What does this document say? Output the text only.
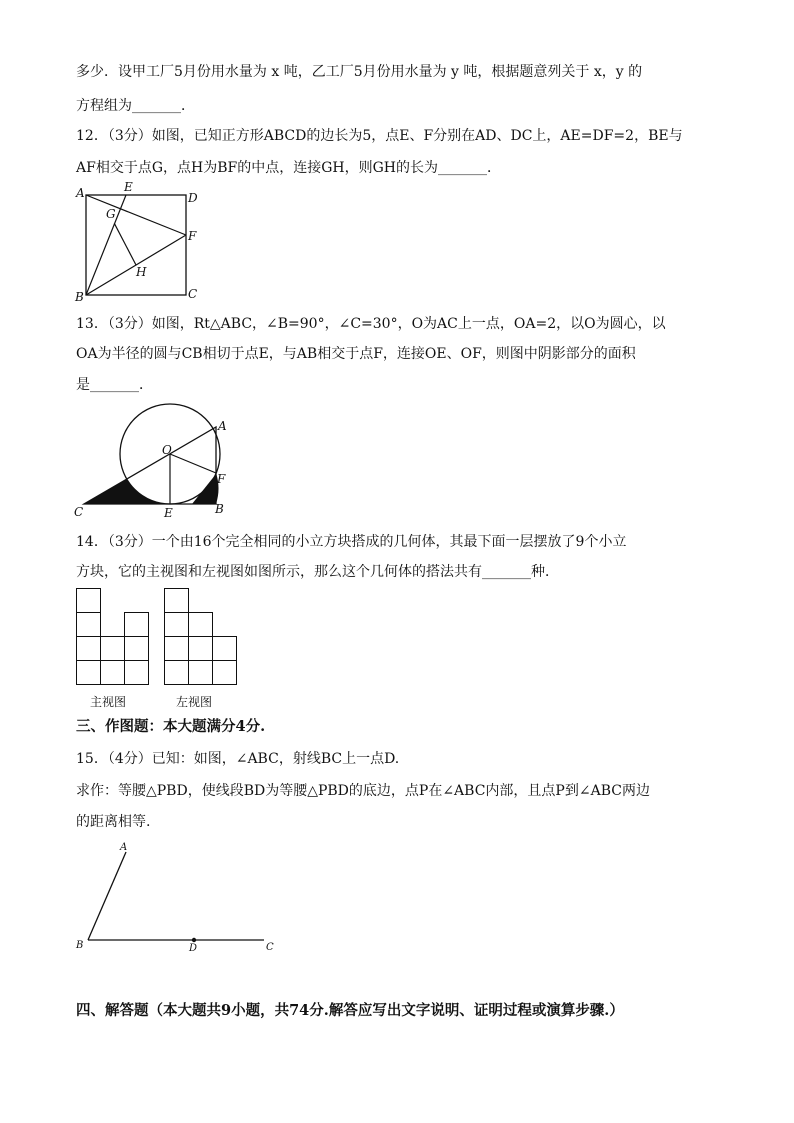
多少．设甲工厂5月份用水量为 x 吨，乙工厂5月份用水量为 y 吨，根据题意列关于 x，y 的
方程组为_______．
12．（3分）如图，已知正方形ABCD的边长为5，点E、F分别在AD、DC上，AE=DF=2，BE与
AF相交于点G，点H为BF的中点，连接GH，则GH的长为_______．
A	E
D
G
F
H
B	C
13．（3分）如图，Rt△ABC，∠B=90°，∠C=30°，O为AC上一点，OA=2，以O为圆心，以
OA为半径的圆与CB相切于点E，与AB相交于点F，连接OE、OF，则图中阴影部分的面积
是_______．
A
O
F
B
C	E
14．（3分）一个由16个完全相同的小立方块搭成的几何体，其最下面一层摆放了9个小立
方块，它的主视图和左视图如图所示，那么这个几何体的搭法共有_______种．
主视图	左视图
三、作图题：本大题满分4分.
15．（4分）已知：如图，∠ABC，射线BC上一点D.
求作：等腰△PBD，使线段BD为等腰△PBD的底边，点P在∠ABC内部，且点P到∠ABC两边
的距离相等.
A
B	D	C
四、解答题（本大题共9小题，共74分.解答应写出文字说明、证明过程或演算步骤.）
